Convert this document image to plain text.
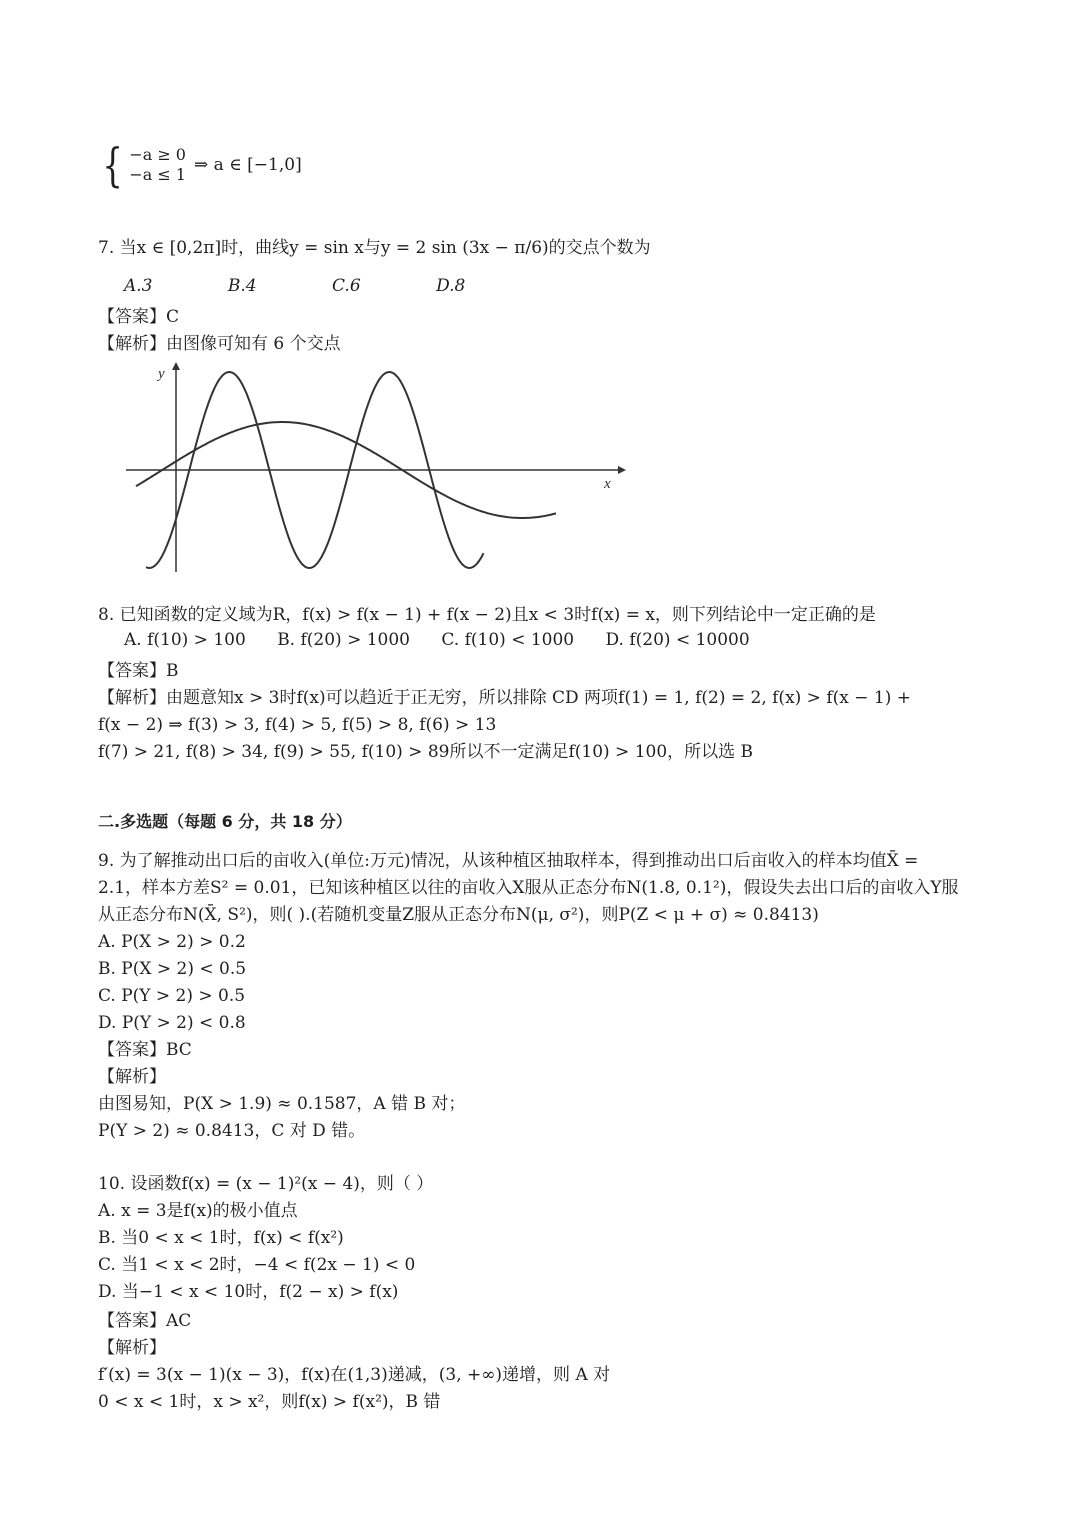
{ −a ≥ 0
−a ≤ 1 ⇒ a ∈ [−1,0]
7. 当x ∈ [0,2π]时，曲线y = sin x与y = 2 sin (3x − π/6)的交点个数为
A.3	B.4	C.6	D.8
【答案】C
【解析】由图像可知有 6 个交点
y
x
8. 已知函数的定义域为R，f(x) > f(x − 1) + f(x − 2)且x < 3时f(x) = x，则下列结论中一定正确的是
A. f(10) > 100 B. f(20) > 1000 C. f(10) < 1000 D. f(20) < 10000
【答案】B
【解析】由题意知x > 3时f(x)可以趋近于正无穷，所以排除 CD 两项f(1) = 1, f(2) = 2, f(x) > f(x − 1) +
f(x − 2) ⇒ f(3) > 3, f(4) > 5, f(5) > 8, f(6) > 13
f(7) > 21, f(8) > 34, f(9) > 55, f(10) > 89所以不一定满足f(10) > 100，所以选 B
二.多选题（每题 6 分，共 18 分）
9. 为了解推动出口后的亩收入(单位:万元)情况，从该种植区抽取样本，得到推动出口后亩收入的样本均值X̄ =
2.1，样本方差S² = 0.01，已知该种植区以往的亩收入X服从正态分布N(1.8, 0.1²)，假设失去出口后的亩收入Y服
从正态分布N(X̄, S²)，则( ).(若随机变量Z服从正态分布N(μ, σ²)，则P(Z < μ + σ) ≈ 0.8413)
A. P(X > 2) > 0.2
B. P(X > 2) < 0.5
C. P(Y > 2) > 0.5
D. P(Y > 2) < 0.8
【答案】BC
【解析】
由图易知，P(X > 1.9) ≈ 0.1587，A 错 B 对；
P(Y > 2) ≈ 0.8413，C 对 D 错。
10. 设函数f(x) = (x − 1)²(x − 4)，则（ ）
A. x = 3是f(x)的极小值点
B. 当0 < x < 1时，f(x) < f(x²)
C. 当1 < x < 2时，−4 < f(2x − 1) < 0
D. 当−1 < x < 10时，f(2 − x) > f(x)
【答案】AC
【解析】
f′(x) = 3(x − 1)(x − 3)，f(x)在(1,3)递减，(3, +∞)递增，则 A 对
0 < x < 1时，x > x²，则f(x) > f(x²)，B 错
